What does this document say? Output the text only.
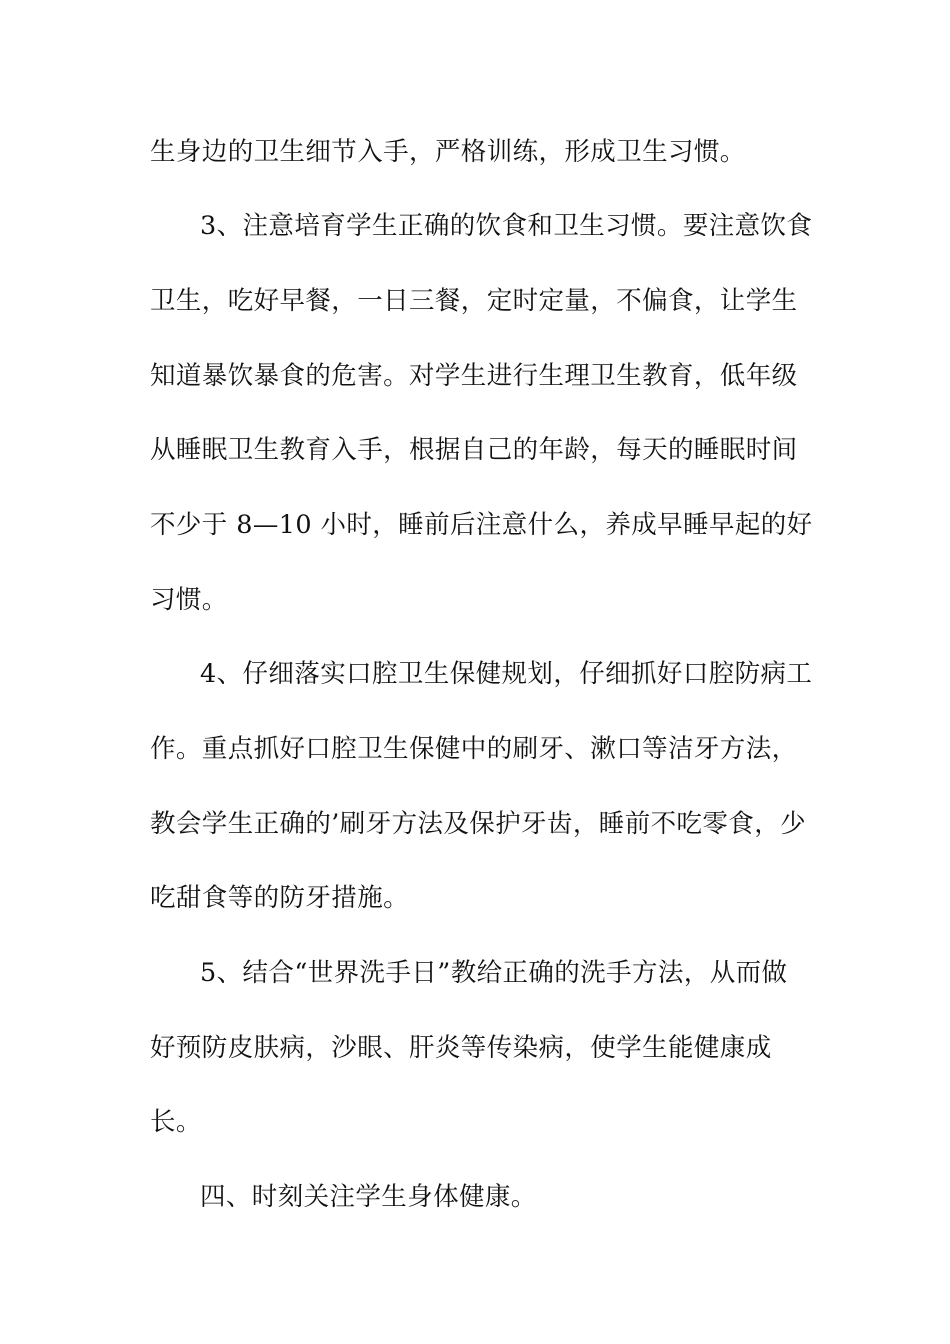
生身边的卫生细节入手，严格训练，形成卫生习惯。
3、注意培育学生正确的饮食和卫生习惯。要注意饮食
卫生，吃好早餐，一日三餐，定时定量，不偏食，让学生
知道暴饮暴食的危害。对学生进行生理卫生教育，低年级
从睡眠卫生教育入手，根据自己的年龄，每天的睡眠时间
不少于 8—10 小时，睡前后注意什么，养成早睡早起的好
习惯。
4、仔细落实口腔卫生保健规划，仔细抓好口腔防病工
作。重点抓好口腔卫生保健中的刷牙、漱口等洁牙方法，
教会学生正确的’刷牙方法及保护牙齿，睡前不吃零食，少
吃甜食等的防牙措施。
5、结合“世界洗手日”教给正确的洗手方法，从而做
好预防皮肤病，沙眼、肝炎等传染病，使学生能健康成
长。
四、时刻关注学生身体健康。
